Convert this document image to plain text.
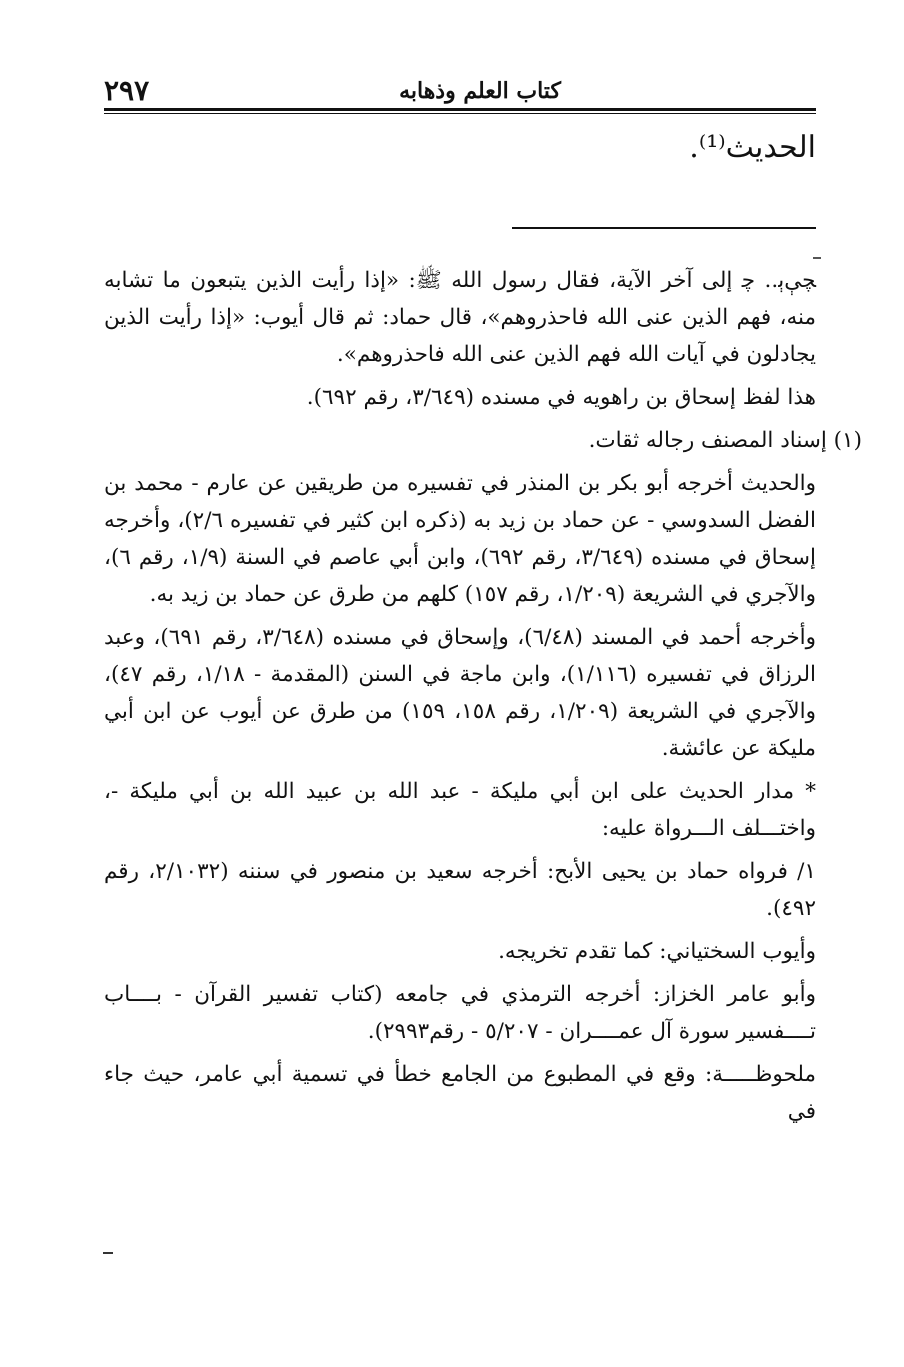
كتاب العلم وذهابه
٢٩٧
الحديث⁽¹⁾.

ﭽﯥﯦ.. ﭼ إلى آخر الآية، فقال رسول الله ﷺ: «إذا رأيت الذين يتبعون ما تشابه منه، فهم الذين عنى الله فاحذروهم»، قال حماد: ثم قال أيوب: «إذا رأيت الذين يجادلون في آيات الله فهم الذين عنى الله فاحذروهم».

هذا لفظ إسحاق بن راهويه في مسنده (٣/٦٤٩، رقم ٦٩٢).

(١) إسناد المصنف رجاله ثقات.

والحديث أخرجه أبو بكر بن المنذر في تفسيره من طريقين عن عارم - محمد بن الفضل السدوسي - عن حماد بن زيد به (ذكره ابن كثير في تفسيره ٢/٦)، وأخرجه إسحاق في مسنده (٣/٦٤٩، رقم ٦٩٢)، وابن أبي عاصم في السنة (١/٩، رقم ٦)، والآجري في الشريعة (١/٢٠٩، رقم ١٥٧) كلهم من طرق عن حماد بن زيد به.

وأخرجه أحمد في المسند (٦/٤٨)، وإسحاق في مسنده (٣/٦٤٨، رقم ٦٩١)، وعبد الرزاق في تفسيره (١/١١٦)، وابن ماجة في السنن (المقدمة - ١/١٨، رقم ٤٧)، والآجري في الشريعة (١/٢٠٩، رقم ١٥٨، ١٥٩) من طرق عن أيوب عن ابن أبي مليكة عن عائشة.

* مدار الحديث على ابن أبي مليكة - عبد الله بن عبيد الله بن أبي مليكة -، واختـــلف الـــرواة عليه:

١/ فرواه حماد بن يحيى الأبح: أخرجه سعيد بن منصور في سننه (٢/١٠٣٢، رقم ٤٩٢).

وأيوب السختياني: كما تقدم تخريجه.

وأبو عامر الخزاز: أخرجه الترمذي في جامعه (كتاب تفسير القرآن - بــــاب تــــفسير سورة آل عمــــران - ٥/٢٠٧ - رقم٢٩٩٣).

ملحوظـــــة: وقع في المطبوع من الجامع خطأ في تسمية أبي عامر، حيث جاء في
